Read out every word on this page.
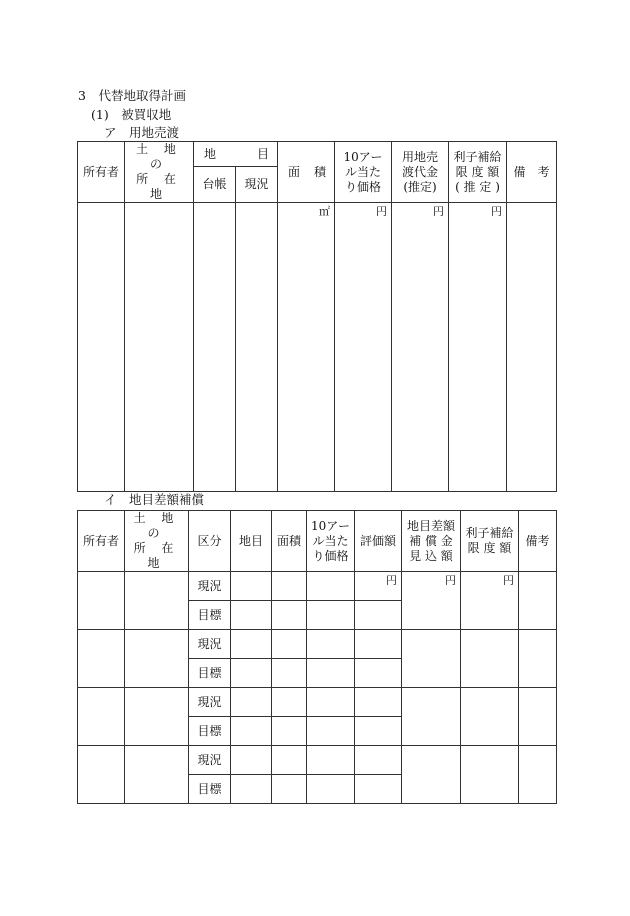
3　代替地取得計画
(1)　被買収地
ア　用地売渡
所有者	土 地 の
所 在 地	地 目		面 積	10アー
ル当た
り価格	用地売
渡代金
(推定)	利子補給
限 度 額
( 推 定 )	備　考
		台帳	現況					
				㎡	円	円	円	
イ　地目差額補償
所有者	土 地 の
所 在 地	区分	地目	面積	10アー
ル当た
り価格	評価額	地目差額
補 償 金
見 込 額	利子補給
限 度 額	備考
		現況				円	円	円	
		目標							
		現況							
		目標							
		現況							
		目標							
		現況							
		目標							
